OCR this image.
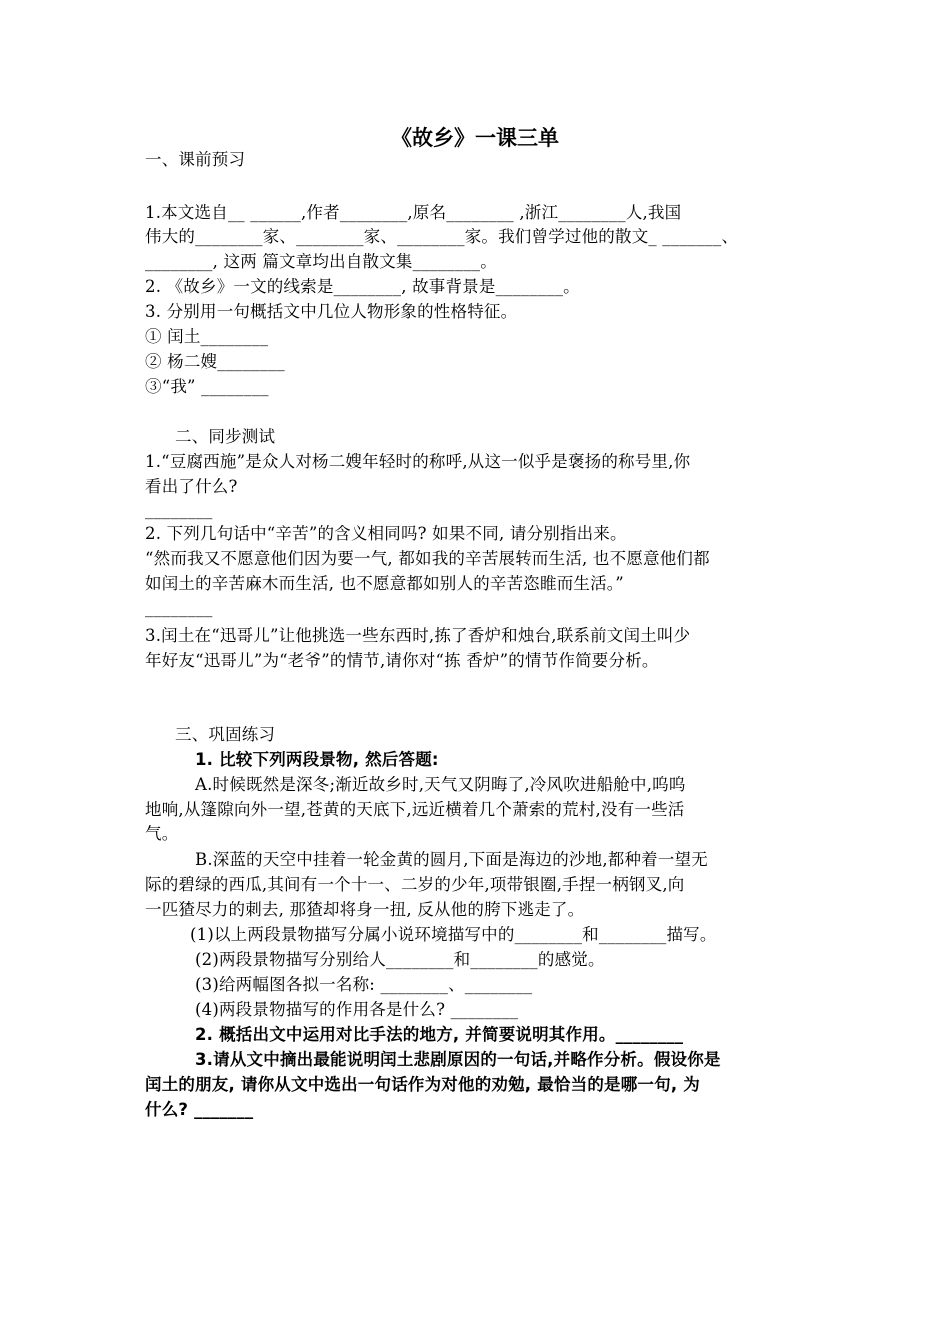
《故乡》一课三单
一、课前预习
1.本文选自__ ______,作者________,原名________ ,浙江________人,我国
伟大的________家、________家、________家。我们曾学过他的散文_ _______、
________, 这两 篇文章均出自散文集________。
2. 《故乡》一文的线索是________, 故事背景是________。
3. 分别用一句概括文中几位人物形象的性格特征。
① 闰土________
② 杨二嫂________
③“我” ________
二、同步测试
1.“豆腐西施”是众人对杨二嫂年轻时的称呼,从这一似乎是褒扬的称号里,你
看出了什么?
________
2. 下列几句话中“辛苦”的含义相同吗? 如果不同, 请分别指出来。
“然而我又不愿意他们因为要一气, 都如我的辛苦展转而生活, 也不愿意他们都
如闰土的辛苦麻木而生活, 也不愿意都如别人的辛苦恣睢而生活。”
________
3.闰土在“迅哥儿”让他挑选一些东西时,拣了香炉和烛台,联系前文闰土叫少
年好友“迅哥儿”为“老爷”的情节,请你对“拣 香炉”的情节作简要分析。
三、巩固练习
1. 比较下列两段景物, 然后答题:
A.时候既然是深冬;渐近故乡时,天气又阴晦了,冷风吹进船舱中,呜呜
地响,从篷隙向外一望,苍黄的天底下,远近横着几个萧索的荒村,没有一些活
气。
B.深蓝的天空中挂着一轮金黄的圆月,下面是海边的沙地,都种着一望无
际的碧绿的西瓜,其间有一个十一、二岁的少年,项带银圈,手捏一柄钢叉,向
一匹猹尽力的刺去, 那猹却将身一扭, 反从他的胯下逃走了。
(1)以上两段景物描写分属小说环境描写中的________和________描写。
(2)两段景物描写分别给人________和________的感觉。
(3)给两幅图各拟一名称: ________、________
(4)两段景物描写的作用各是什么? ________
2. 概括出文中运用对比手法的地方, 并简要说明其作用。________
3.请从文中摘出最能说明闰土悲剧原因的一句话,并略作分析。假设你是
闰土的朋友, 请你从文中选出一句话作为对他的劝勉, 最恰当的是哪一句, 为
什么? _______
